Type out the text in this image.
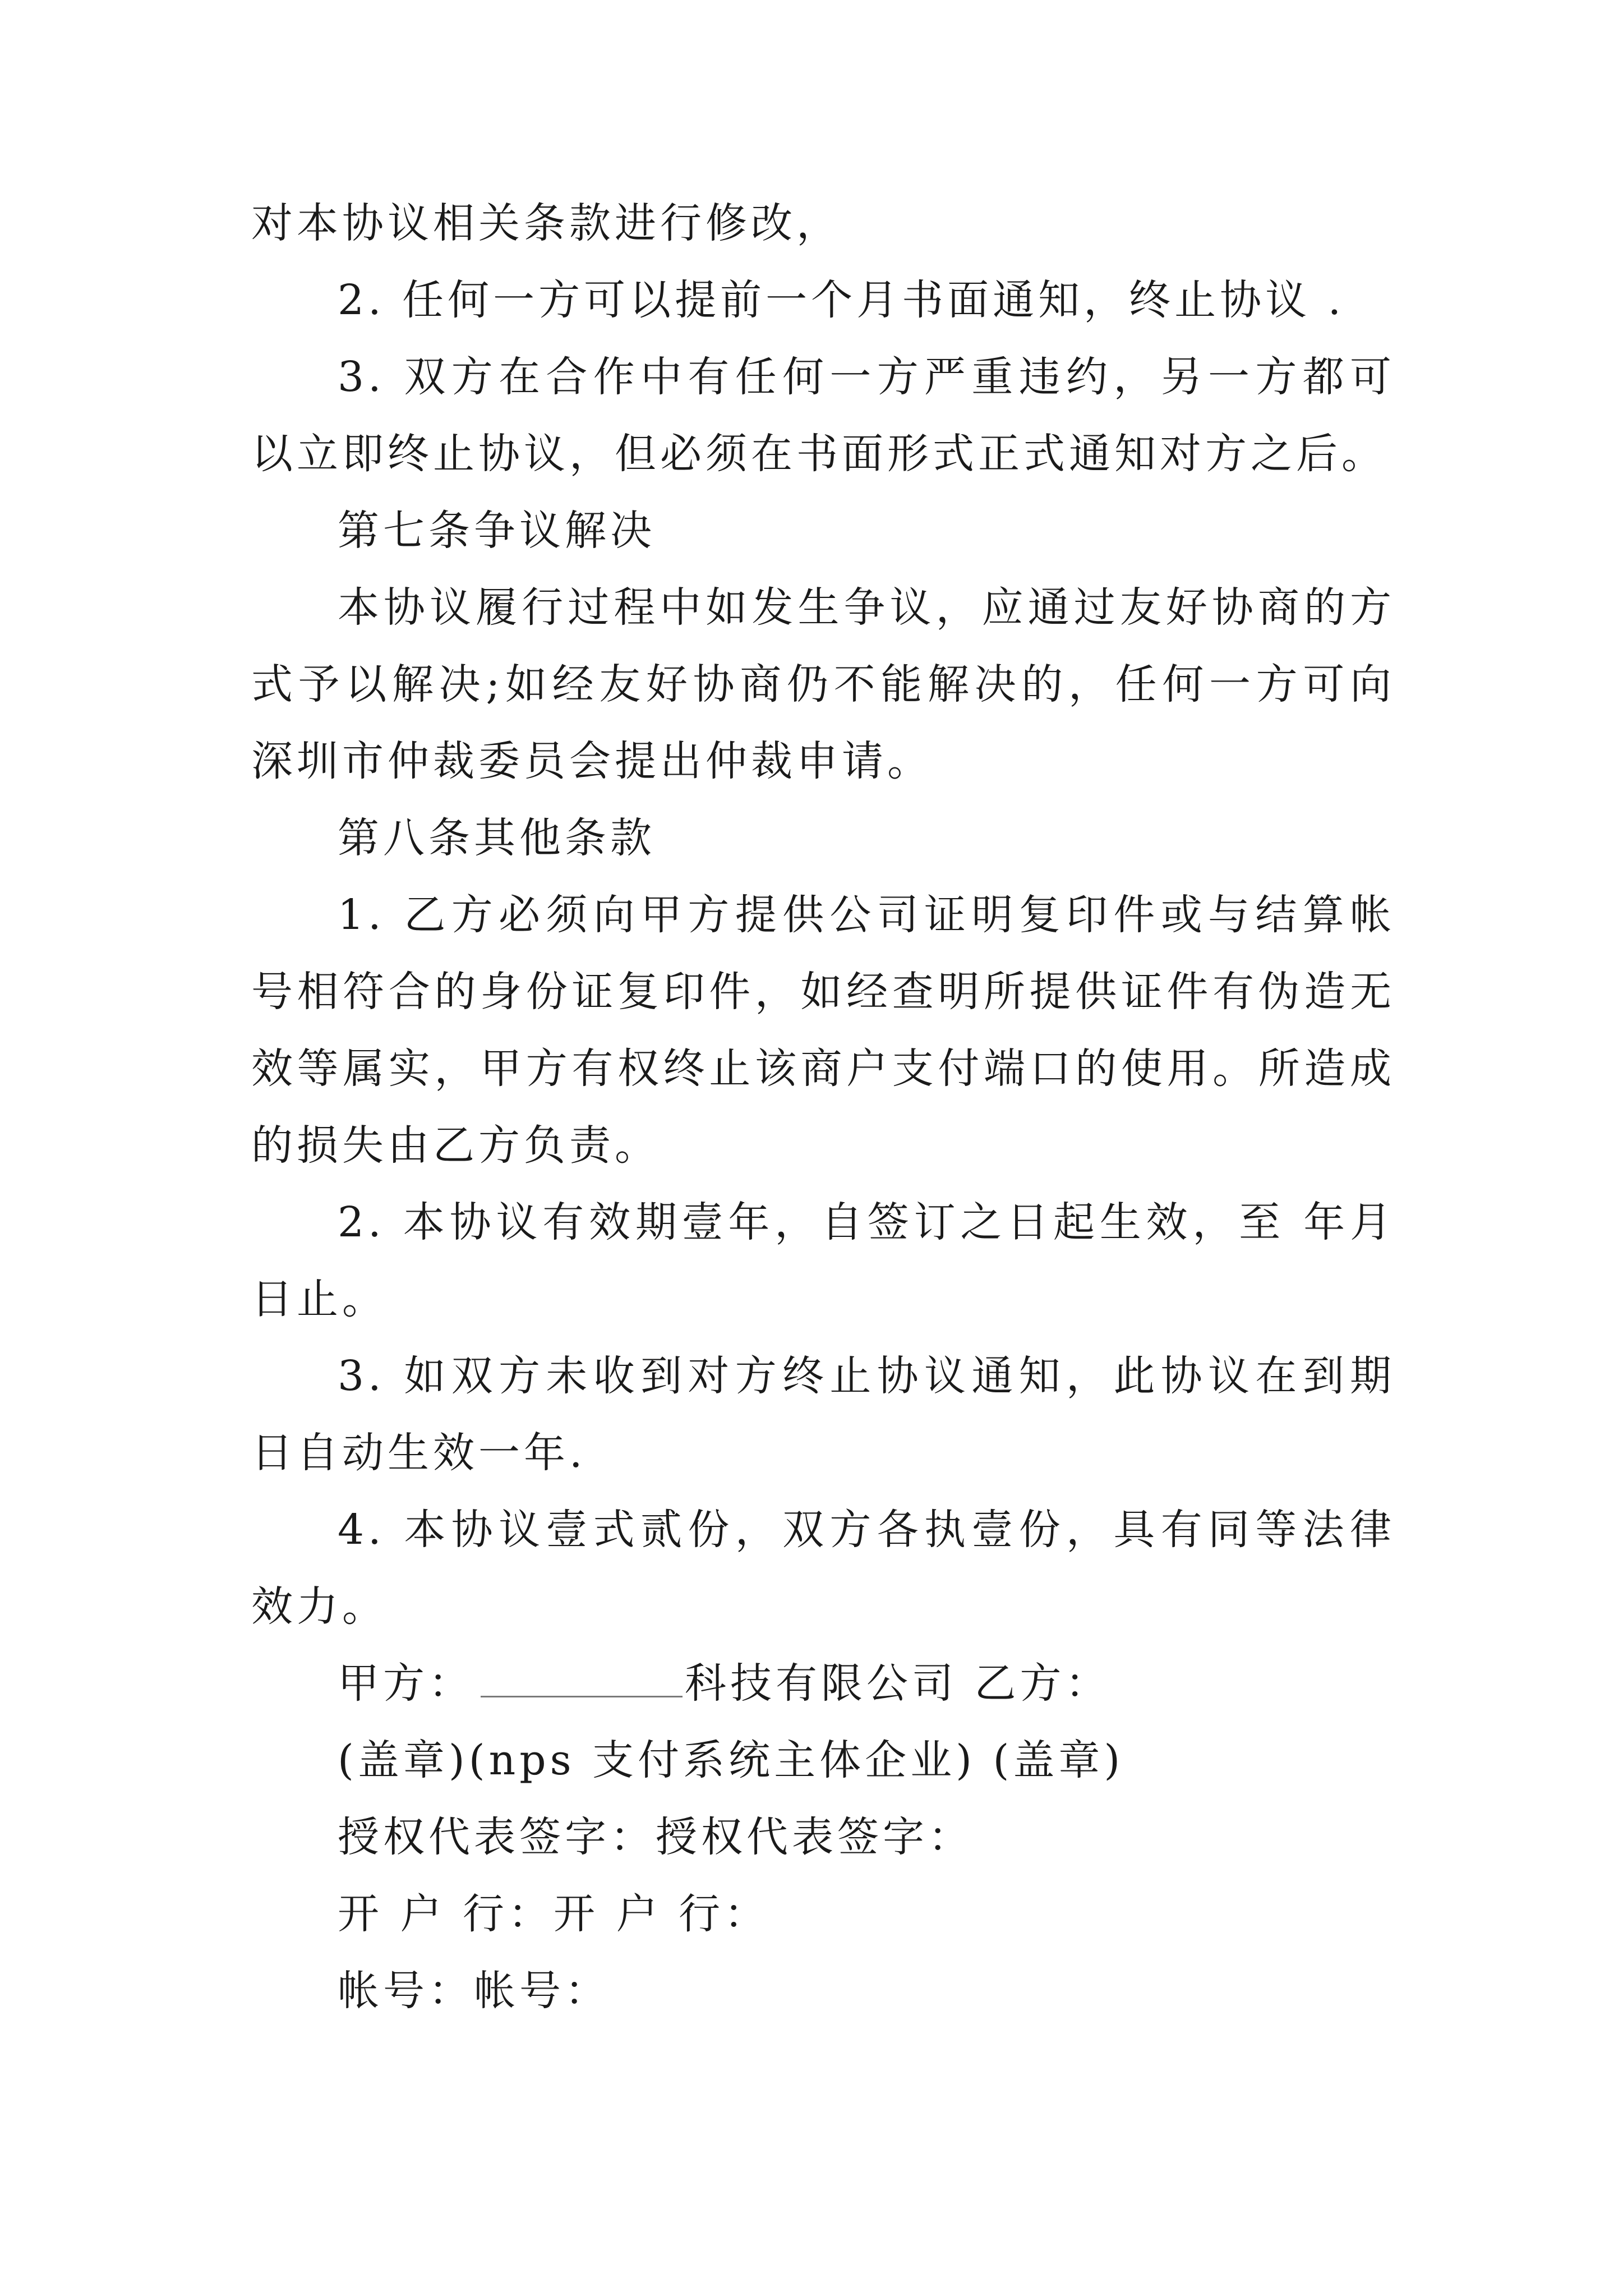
对本协议相关条款进行修改，

2. 任何一方可以提前一个月书面通知，终止协议 .

3. 双方在合作中有任何一方严重违约，另一方都可以立即终止协议，但必须在书面形式正式通知对方之后。

第七条争议解决

本协议履行过程中如发生争议，应通过友好协商的方式予以解决;如经友好协商仍不能解决的，任何一方可向深圳市仲裁委员会提出仲裁申请。

第八条其他条款

1. 乙方必须向甲方提供公司证明复印件或与结算帐号相符合的身份证复印件，如经查明所提供证件有伪造无效等属实，甲方有权终止该商户支付端口的使用。所造成的损失由乙方负责。

2. 本协议有效期壹年，自签订之日起生效，至 年月日止。

3. 如双方未收到对方终止协议通知，此协议在到期日自动生效一年.

4. 本协议壹式贰份，双方各执壹份，具有同等法律效力。

甲方：	科技有限公司 乙方：

(盖章)(nps 支付系统主体企业) (盖章)

授权代表签字：授权代表签字：

开 户 行：开 户 行：

帐号：帐号：
